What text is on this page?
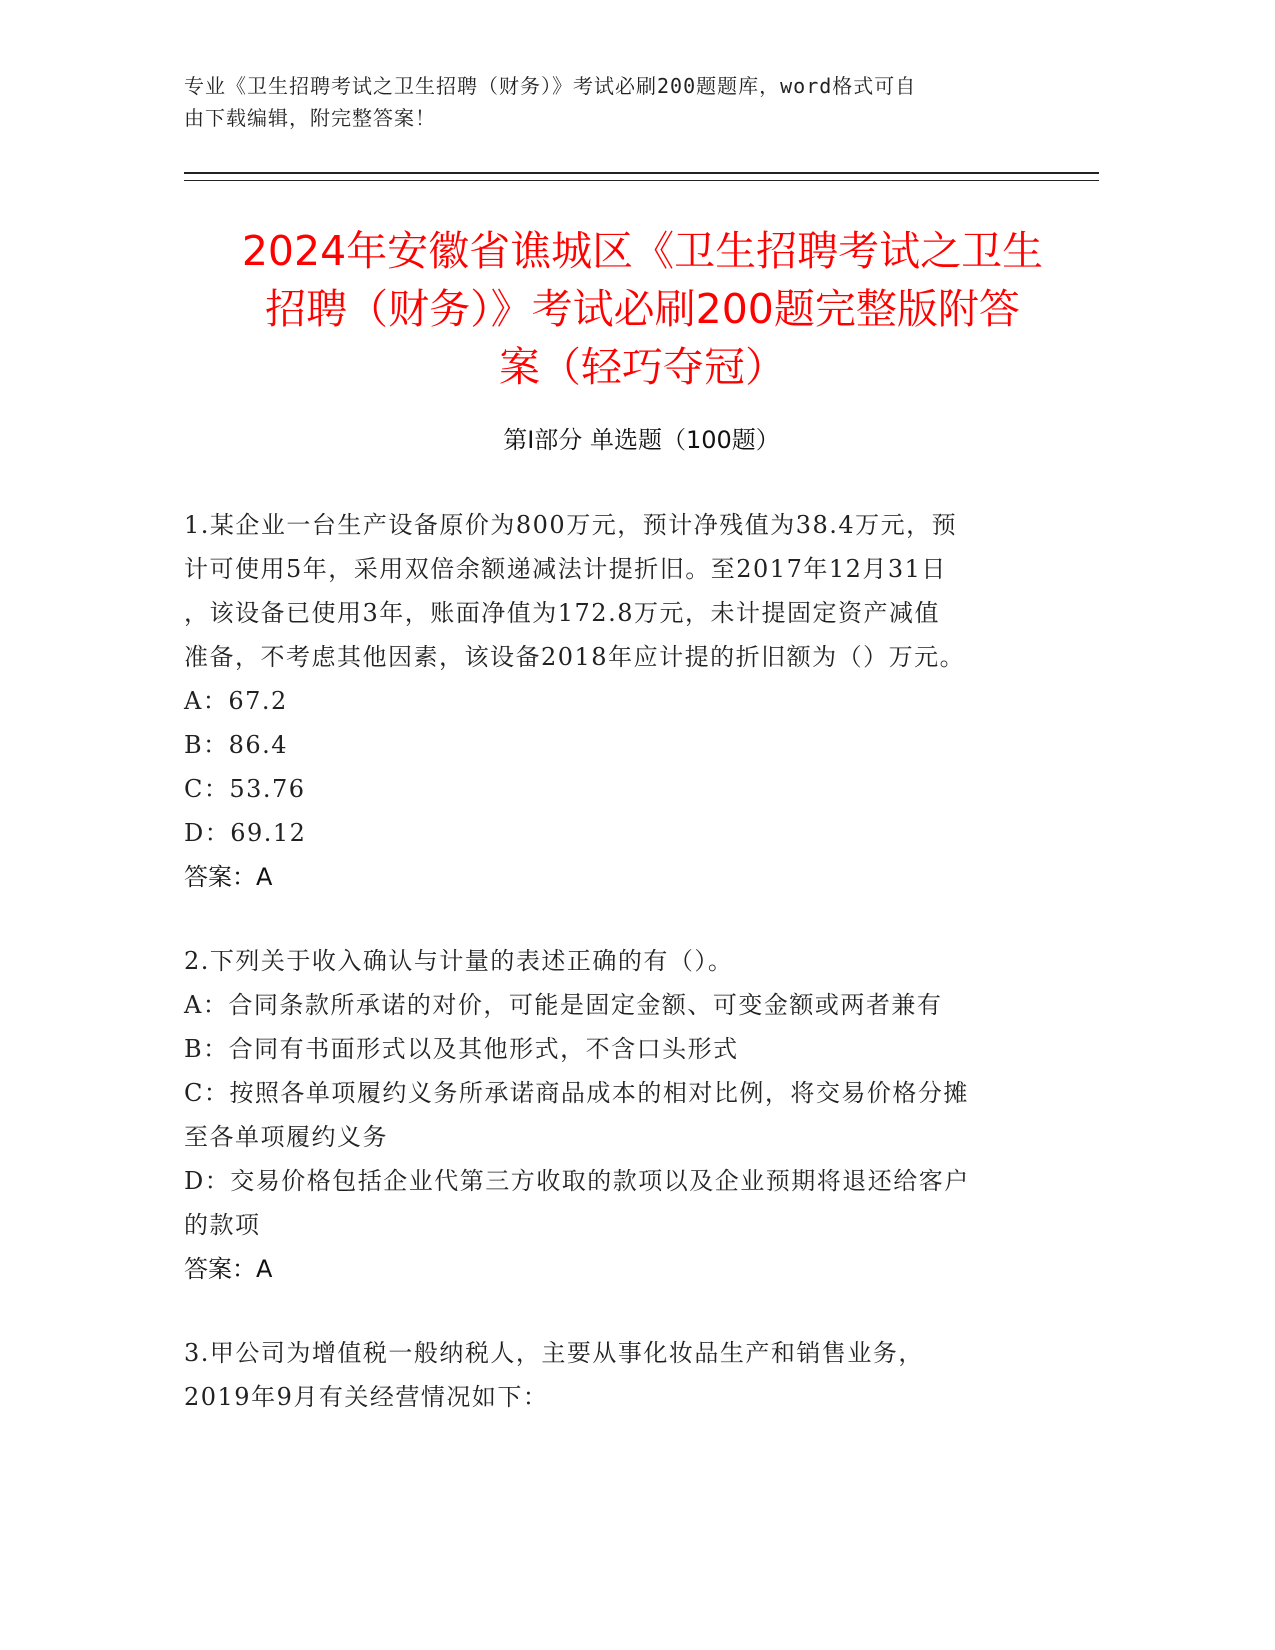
专业《卫生招聘考试之卫生招聘（财务）》考试必刷200题题库，word格式可自
由下载编辑，附完整答案！
2024年安徽省谯城区《卫生招聘考试之卫生
招聘（财务）》考试必刷200题完整版附答
案（轻巧夺冠）
第Ⅰ部分 单选题（100题）
1.某企业一台生产设备原价为800万元，预计净残值为38.4万元，预
计可使用5年，采用双倍余额递减法计提折旧。至2017年12月31日
，该设备已使用3年，账面净值为172.8万元，未计提固定资产减值
准备，不考虑其他因素，该设备2018年应计提的折旧额为（）万元。
A：67.2
B：86.4
C：53.76
D：69.12
答案：A
2.下列关于收入确认与计量的表述正确的有（）。
A：合同条款所承诺的对价，可能是固定金额、可变金额或两者兼有
B：合同有书面形式以及其他形式，不含口头形式
C：按照各单项履约义务所承诺商品成本的相对比例，将交易价格分摊
至各单项履约义务
D：交易价格包括企业代第三方收取的款项以及企业预期将退还给客户
的款项
答案：A
3.甲公司为增值税一般纳税人，主要从事化妆品生产和销售业务，
2019年9月有关经营情况如下：
